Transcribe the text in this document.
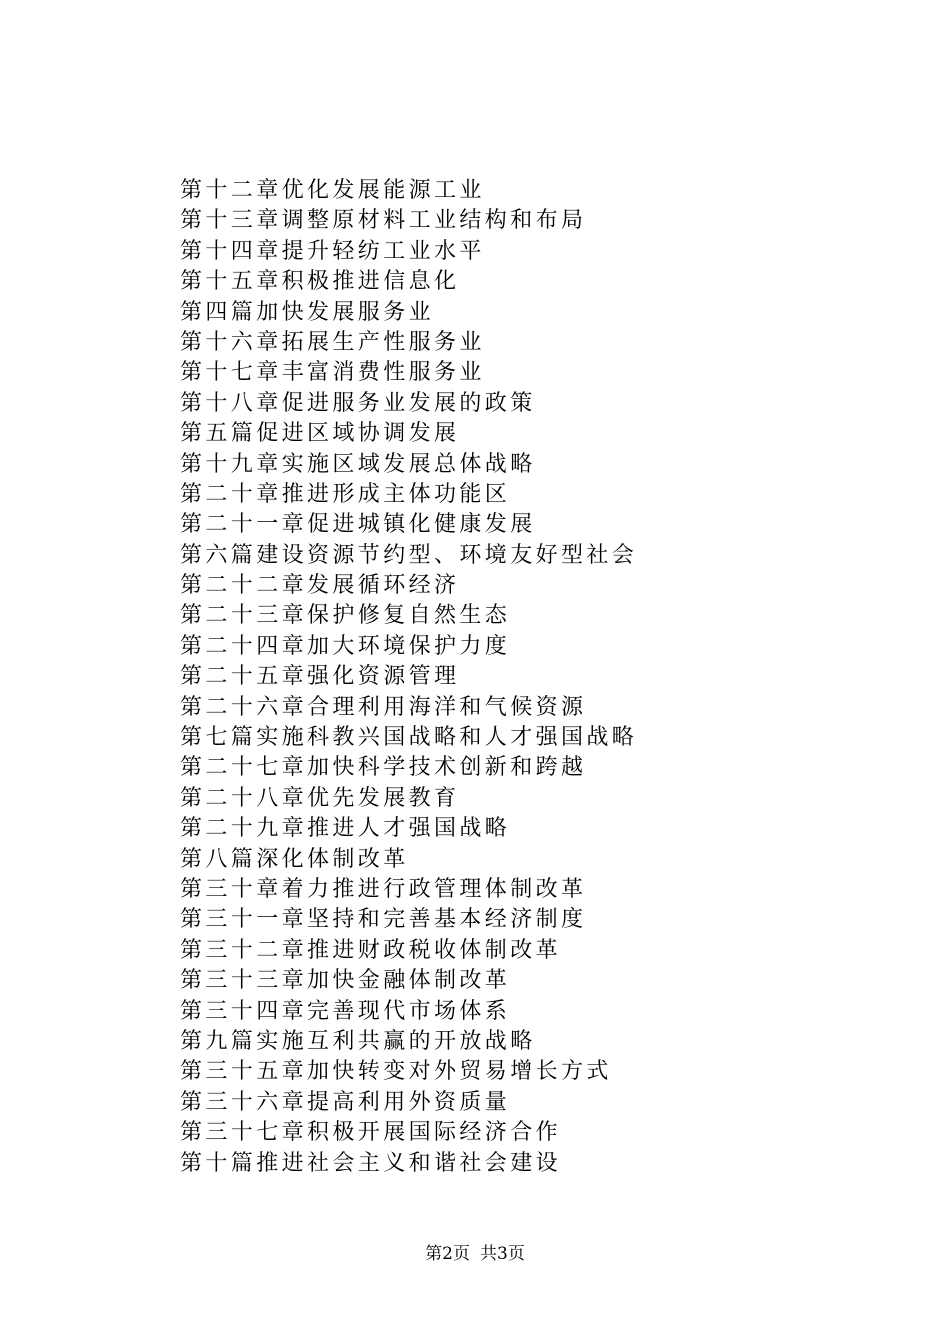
第十二章优化发展能源工业
第十三章调整原材料工业结构和布局
第十四章提升轻纺工业水平
第十五章积极推进信息化
第四篇加快发展服务业
第十六章拓展生产性服务业
第十七章丰富消费性服务业
第十八章促进服务业发展的政策
第五篇促进区域协调发展
第十九章实施区域发展总体战略
第二十章推进形成主体功能区
第二十一章促进城镇化健康发展
第六篇建设资源节约型、环境友好型社会
第二十二章发展循环经济
第二十三章保护修复自然生态
第二十四章加大环境保护力度
第二十五章强化资源管理
第二十六章合理利用海洋和气候资源
第七篇实施科教兴国战略和人才强国战略
第二十七章加快科学技术创新和跨越
第二十八章优先发展教育
第二十九章推进人才强国战略
第八篇深化体制改革
第三十章着力推进行政管理体制改革
第三十一章坚持和完善基本经济制度
第三十二章推进财政税收体制改革
第三十三章加快金融体制改革
第三十四章完善现代市场体系
第九篇实施互利共赢的开放战略
第三十五章加快转变对外贸易增长方式
第三十六章提高利用外资质量
第三十七章积极开展国际经济合作
第十篇推进社会主义和谐社会建设
第2页 共3页
